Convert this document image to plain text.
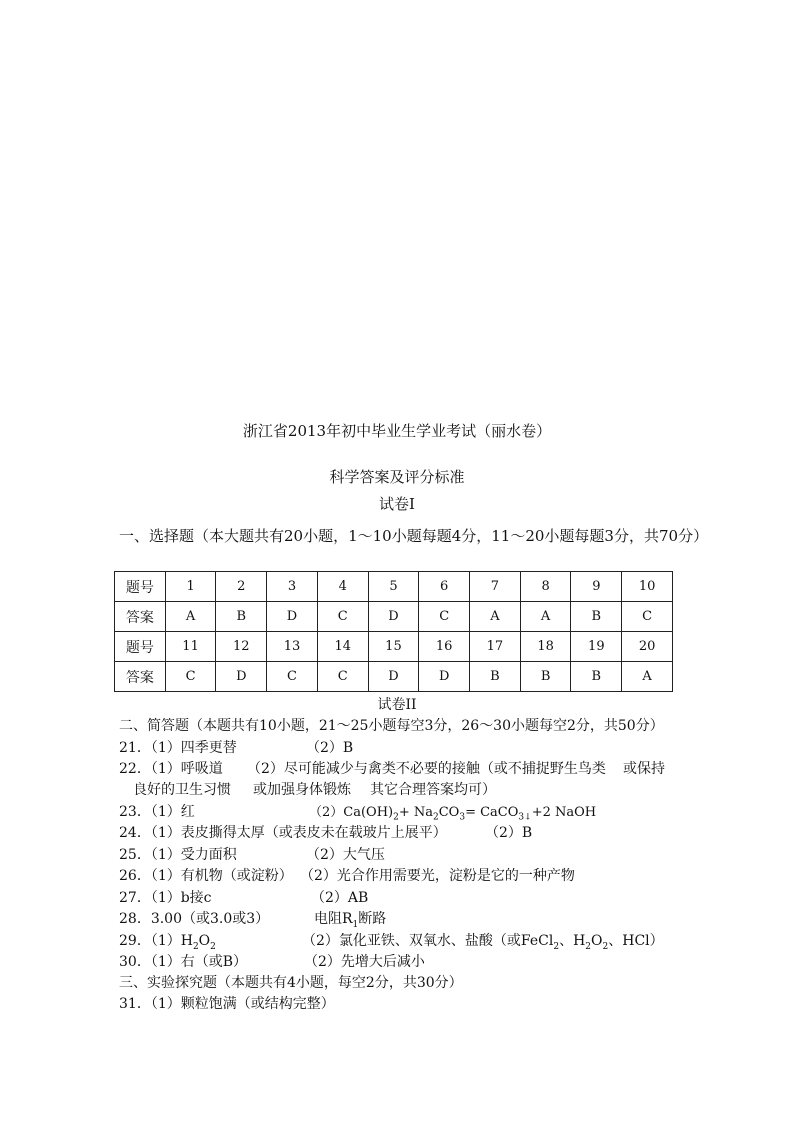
浙江省2013年初中毕业生学业考试（丽水卷）
科学答案及评分标准
试卷I
一、选择题（本大题共有20小题，1～10小题每题4分，11～20小题每题3分，共70分）
题号	1	2	3	4	5	6	7	8	9	10
答案	A	B	D	C	D	C	A	A	B	C
题号	11	12	13	14	15	16	17	18	19	20
答案	C	D	C	C	D	D	B	B	B	A
试卷II
二、简答题（本题共有10小题，21～25小题每空3分，26～30小题每空2分，共50分）
21．（1）四季更替	（2）B
22．（1）呼吸道 （2）尽可能减少与禽类不必要的接触（或不捕捉野生鸟类 或保持
良好的卫生习惯 或加强身体锻炼 其它合理答案均可）
23．（1）红	$(2)Ca(OH)_2+ Na_2CO_3=$ CaCO$_{3↓}$+2 NaOH
24．（1）表皮撕得太厚（或表皮未在载玻片上展平）	（2）B
25．（1）受力面积	（2）大气压
26．（1）有机物（或淀粉） （2）光合作用需要光，淀粉是它的一种产物
27．（1）b接c	（2）AB
28．3.00（或3.0或3）	电阻$R_1$断路
29．$(1)H_2O_2$	（2）氯化亚铁、双氧水、盐酸（或FeCl$_2$、$H_2O_2$、HCl）
30．（1）右（或B）	（2）先增大后减小
三、实验探究题（本题共有4小题，每空2分，共30分）
31．（1）颗粒饱满（或结构完整）
